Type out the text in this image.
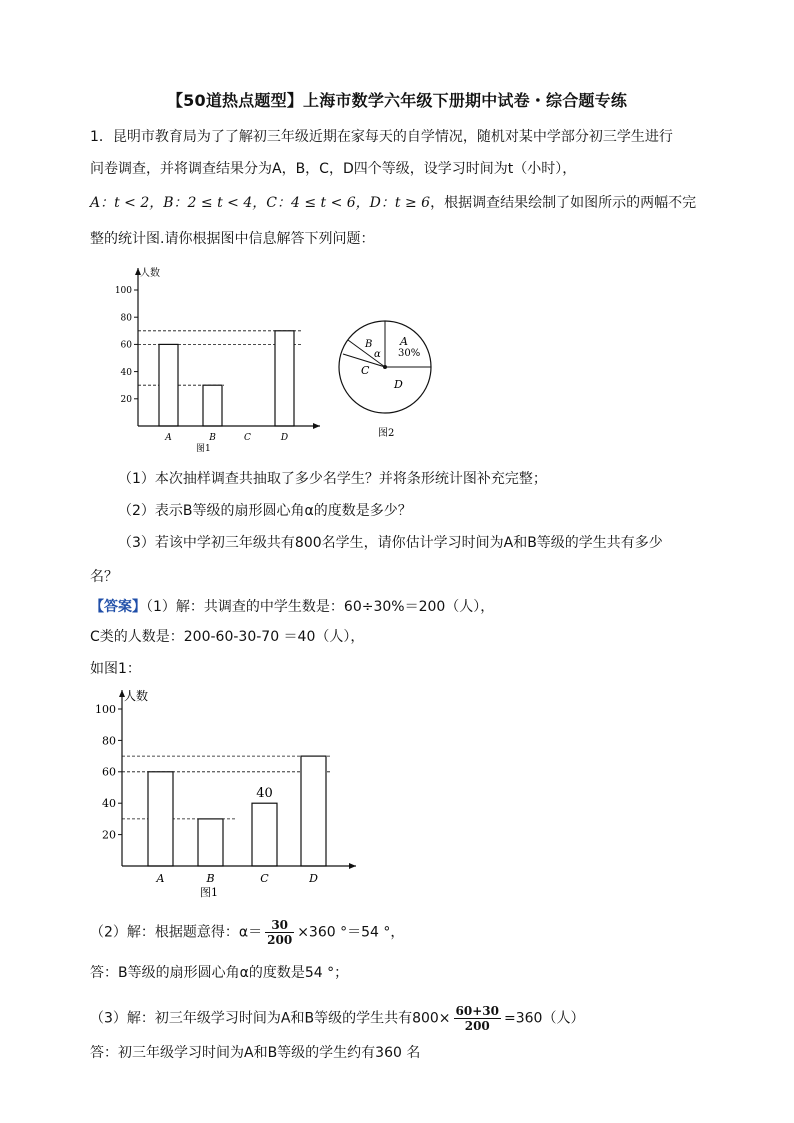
【50道热点题型】上海市数学六年级下册期中试卷・综合题专练
1．昆明市教育局为了了解初三年级近期在家每天的自学情况，随机对某中学部分初三学生进行
问卷调查，并将调查结果分为A，B，C，D四个等级，设学习时间为t（小时），
A：t < 2，B：2 ≤ t < 4，C：4 ≤ t < 6，D：t ≥ 6，根据调查结果绘制了如图所示的两幅不完
整的统计图.请你根据图中信息解答下列问题：
A	B	C	D
20
40
60
80
100
人数
图1
A
30%
B
α
C
D
图2
（1）本次抽样调查共抽取了多少名学生？并将条形统计图补充完整；
（2）表示B等级的扇形圆心角α的度数是多少？
（3）若该中学初三年级共有800名学生，请你估计学习时间为A和B等级的学生共有多少
名？
【答案】（1）解：共调查的中学生数是：60÷30%＝200（人），
C类的人数是：200-60-30-70 ＝40（人），
如图1：
A	B	C	D
20
40
60
80
100
人数
图1
40
（2）解：根据题意得：$\alpha= \frac{30}{200} \times 360$ °＝54 °，
答：B等级的扇形圆心角α的度数是54 °；
（3）解：初三年级学习时间为A和B等级的学生共有$800\times \frac{60+30}{200} =360$（人）
答：初三年级学习时间为A和B等级的学生约有360 名
